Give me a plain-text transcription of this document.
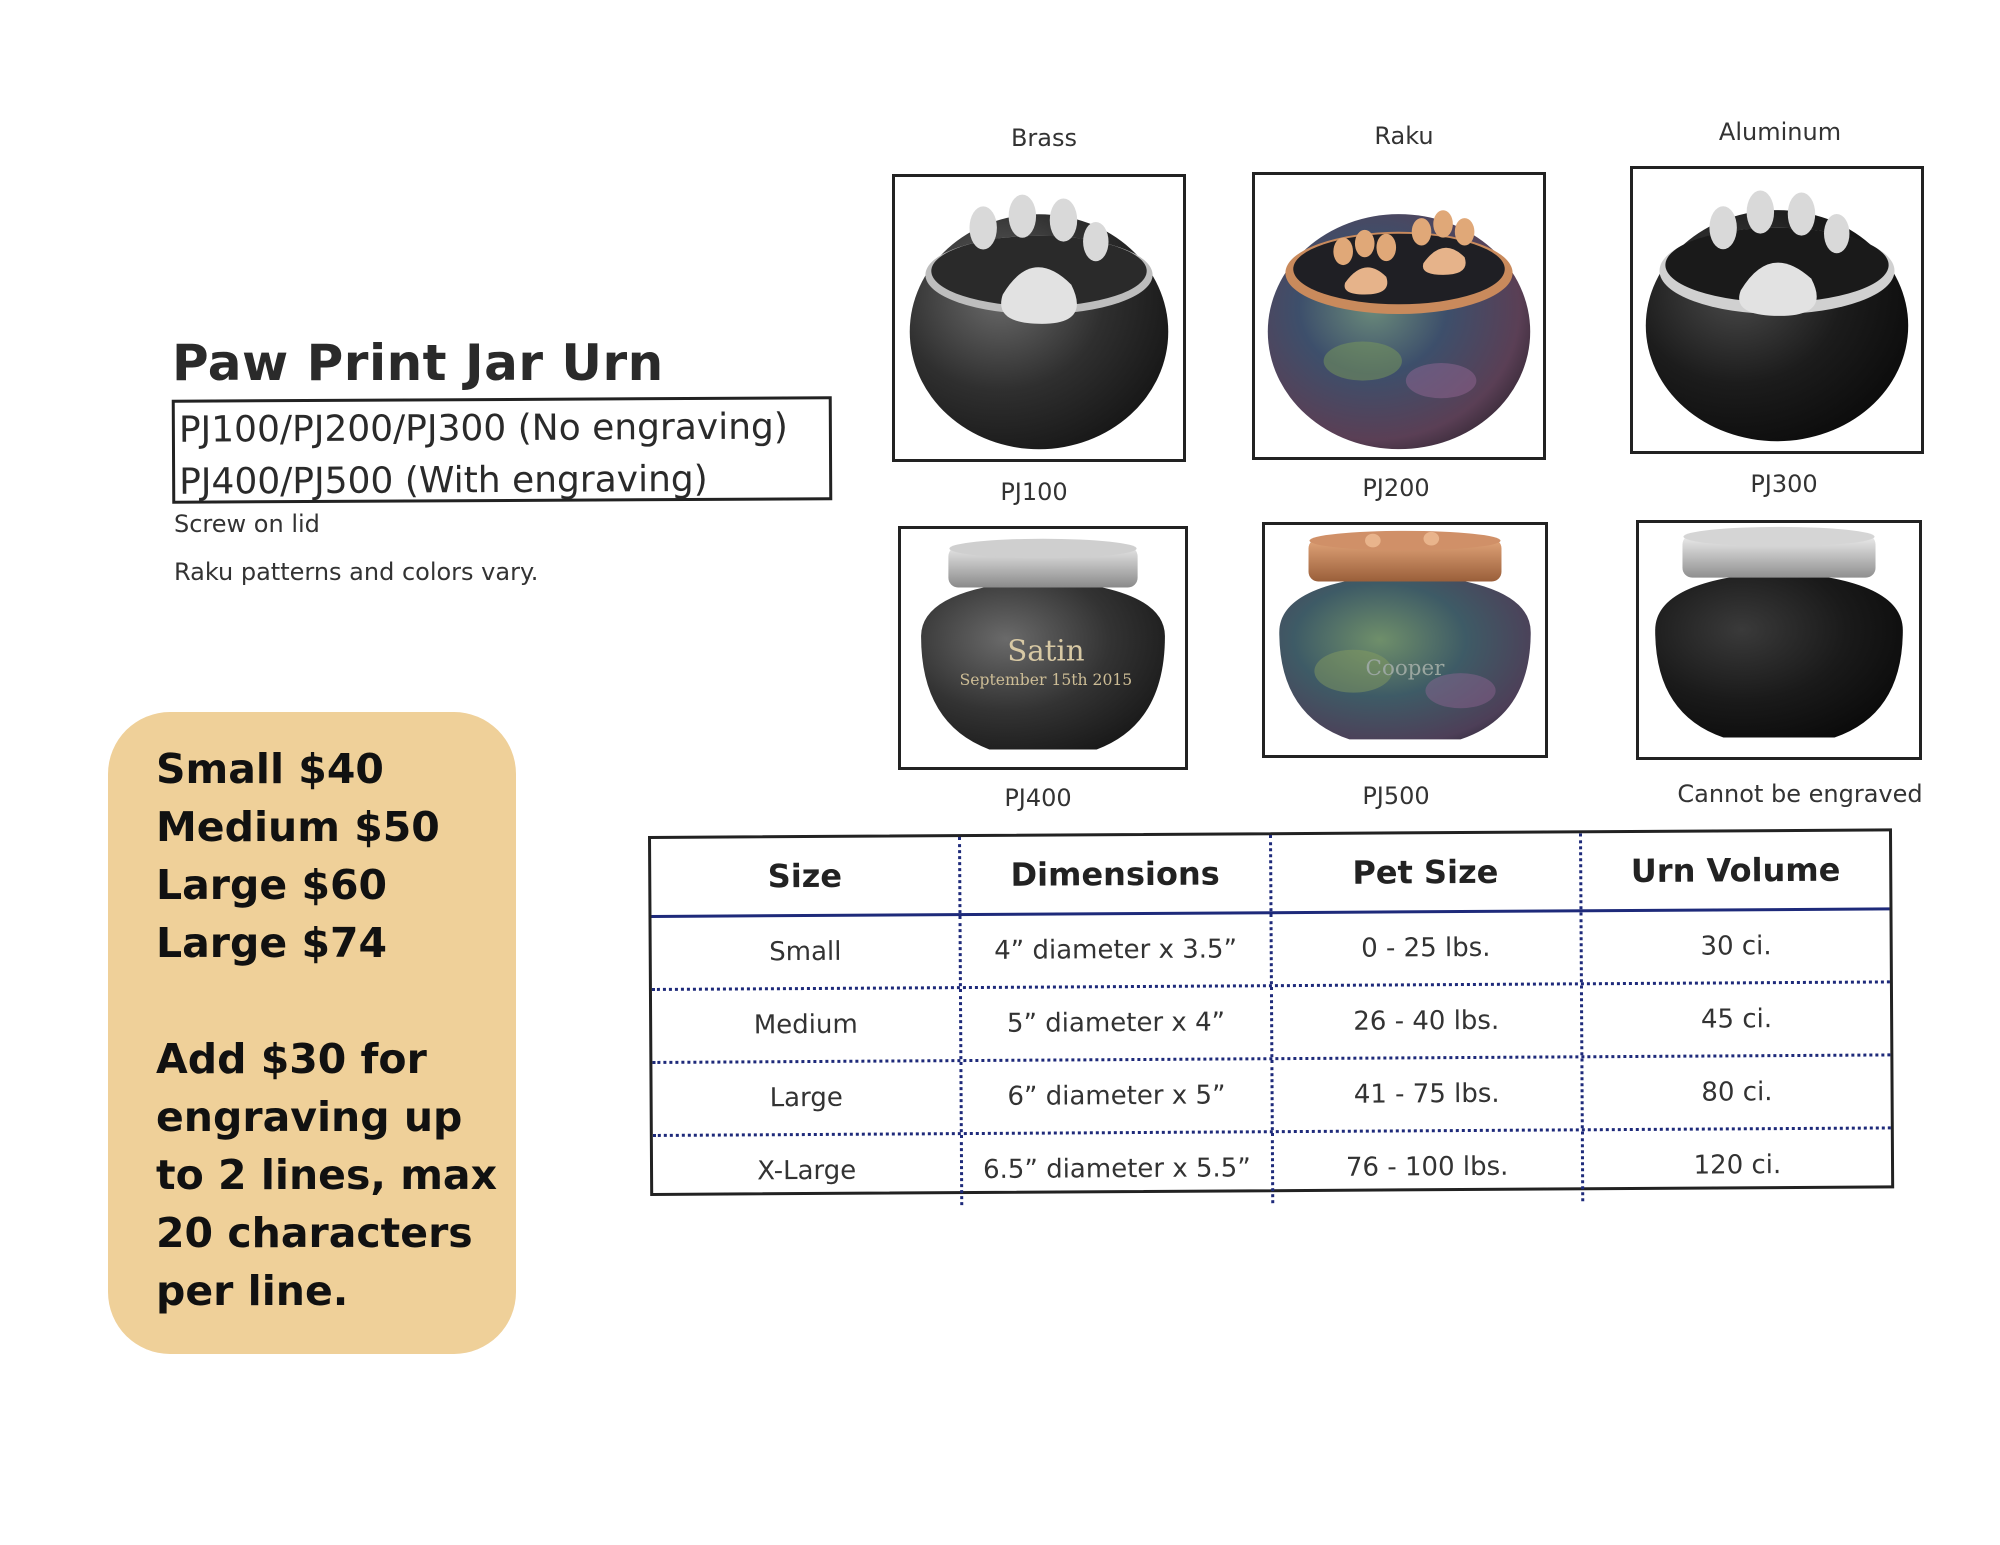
Paw Print Jar Urn
PJ100/PJ200/PJ300 (No engraving)
PJ400/PJ500 (With engraving)
Screw on lid
Raku patterns and colors vary.
Small $40
Medium $50
Large $60
Large $74
Add $30 for
engraving up
to 2 lines, max
20 characters
per line.
Brass	Raku	Aluminum
PJ100	PJ200	PJ300
Satin
September 15th 2015	Cooper
PJ400	PJ500	Cannot be engraved
Size	Dimensions	Pet Size	Urn Volume
Small	4” diameter x 3.5”	0 - 25 lbs.	30 ci.
Medium	5” diameter x 4”	26 - 40 lbs.	45 ci.
Large	6” diameter x 5”	41 - 75 lbs.	80 ci.
X-Large	6.5” diameter x 5.5”	76 - 100 lbs.	120 ci.
